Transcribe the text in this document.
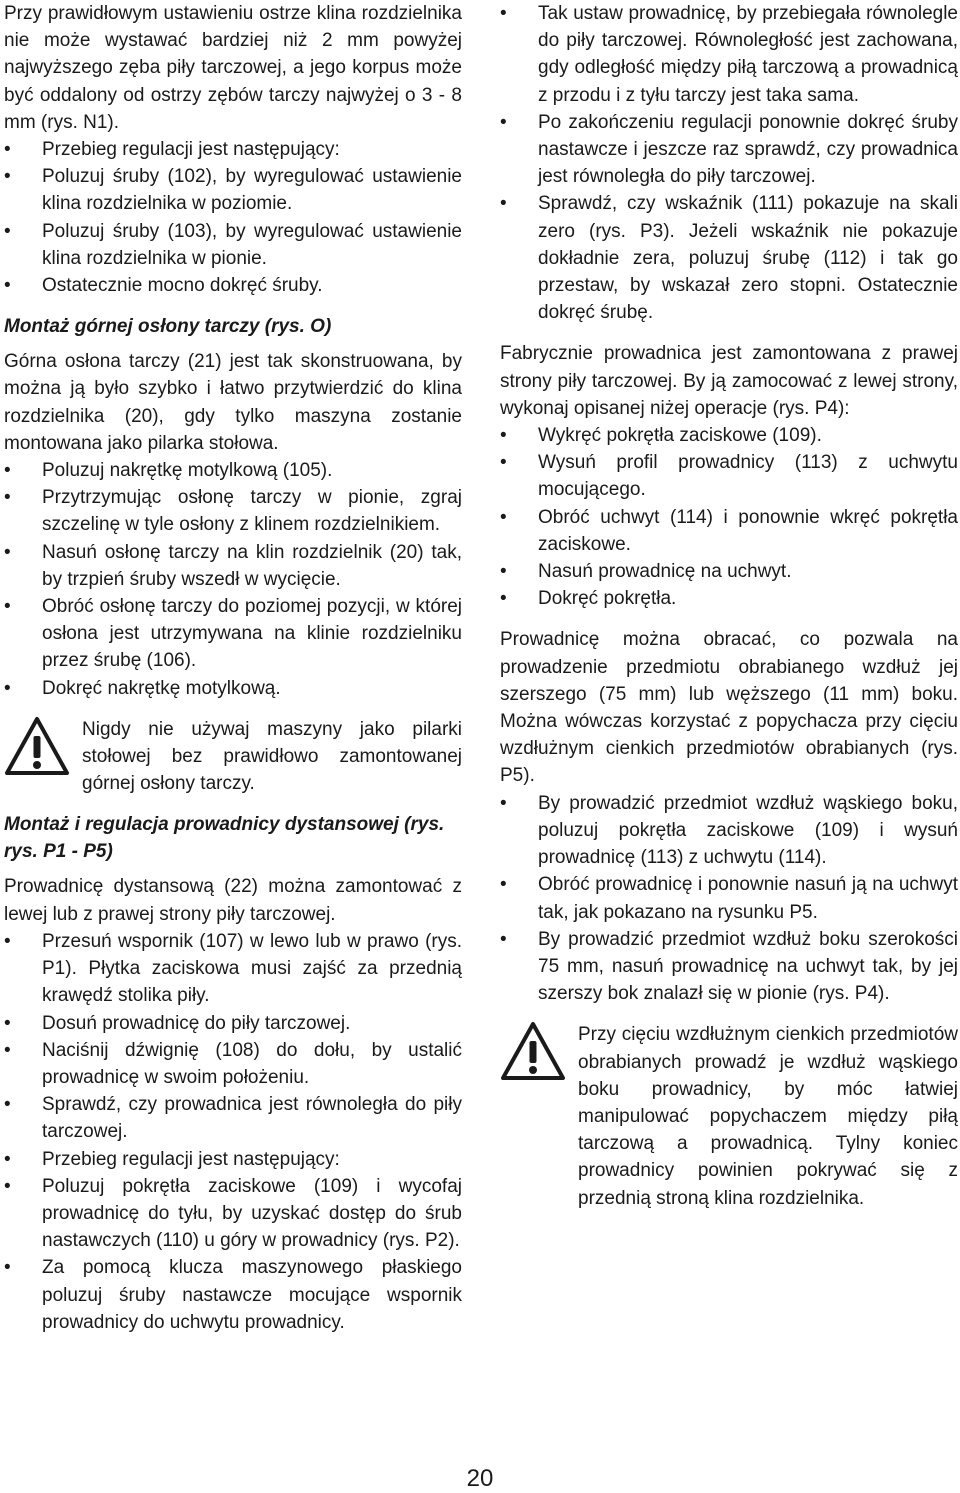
Przy prawidłowym ustawieniu ostrze klina rozdzielnika nie może wystawać bardziej niż 2 mm powyżej najwyższego zęba piły tarczowej, a jego korpus może być oddalony od ostrzy zębów tarczy najwyżej o 3 - 8 mm (rys. N1).

• Przebieg regulacji jest następujący:
• Poluzuj śruby (102), by wyregulować ustawienie klina rozdzielnika w poziomie.
• Poluzuj śruby (103), by wyregulować ustawienie klina rozdzielnika w pionie.
• Ostatecznie mocno dokręć śruby.
Montaż górnej osłony tarczy (rys. O)

Górna osłona tarczy (21) jest tak skonstruowana, by można ją było szybko i łatwo przytwierdzić do klina rozdzielnika (20), gdy tylko maszyna zostanie montowana jako pilarka stołowa.

• Poluzuj nakrętkę motylkową (105).
• Przytrzymując osłonę tarczy w pionie, zgraj szczelinę w tyle osłony z klinem rozdzielnikiem.
• Nasuń osłonę tarczy na klin rozdzielnik (20) tak, by trzpień śruby wszedł w wycięcie.
• Obróć osłonę tarczy do poziomej pozycji, w której osłona jest utrzymywana na klinie rozdzielniku przez śrubę (106).
• Dokręć nakrętkę motylkową.

Nigdy nie używaj maszyny jako pilarki stołowej bez prawidłowo zamontowanej górnej osłony tarczy.

Montaż i regulacja prowadnicy dystansowej (rys. rys. P1 - P5)

Prowadnicę dystansową (22) można zamontować z lewej lub z prawej strony piły tarczowej.

• Przesuń wspornik (107) w lewo lub w prawo (rys. P1). Płytka zaciskowa musi zajść za przednią krawędź stolika piły.
• Dosuń prowadnicę do piły tarczowej.
• Naciśnij dźwignię (108) do dołu, by ustalić prowadnicę w swoim położeniu.
• Sprawdź, czy prowadnica jest równoległa do piły tarczowej.
• Przebieg regulacji jest następujący:
• Poluzuj pokrętła zaciskowe (109) i wycofaj prowadnicę do tyłu, by uzyskać dostęp do śrub nastawczych (110) u góry w prowadnicy (rys. P2).
• Za pomocą klucza maszynowego płaskiego poluzuj śruby nastawcze mocujące wspornik prowadnicy do uchwytu prowadnicy.
• Tak ustaw prowadnicę, by przebiegała równolegle do piły tarczowej. Równoległość jest zachowana, gdy odległość między piłą tarczową a prowadnicą z przodu i z tyłu tarczy jest taka sama.
• Po zakończeniu regulacji ponownie dokręć śruby nastawcze i jeszcze raz sprawdź, czy prowadnica jest równoległa do piły tarczowej.
• Sprawdź, czy wskaźnik (111) pokazuje na skali zero (rys. P3). Jeżeli wskaźnik nie pokazuje dokładnie zera, poluzuj śrubę (112) i tak go przestaw, by wskazał zero stopni. Ostatecznie dokręć śrubę.

Fabrycznie prowadnica jest zamontowana z prawej strony piły tarczowej. By ją zamocować z lewej strony, wykonaj opisanej niżej operacje (rys. P4):

• Wykręć pokrętła zaciskowe (109).
• Wysuń profil prowadnicy (113) z uchwytu mocującego.
• Obróć uchwyt (114) i ponownie wkręć pokrętła zaciskowe.
• Nasuń prowadnicę na uchwyt.
• Dokręć pokrętła.

Prowadnicę można obracać, co pozwala na prowadzenie przedmiotu obrabianego wzdłuż jej szerszego (75 mm) lub węższego (11 mm) boku. Można wówczas korzystać z popychacza przy cięciu wzdłużnym cienkich przedmiotów obrabianych (rys. P5).

• By prowadzić przedmiot wzdłuż wąskiego boku, poluzuj pokrętła zaciskowe (109) i wysuń prowadnicę (113) z uchwytu (114).
• Obróć prowadnicę i ponownie nasuń ją na uchwyt tak, jak pokazano na rysunku P5.
• By prowadzić przedmiot wzdłuż boku szerokości 75 mm, nasuń prowadnicę na uchwyt tak, by jej szerszy bok znalazł się w pionie (rys. P4).

Przy cięciu wzdłużnym cienkich przedmiotów obrabianych prowadź je wzdłuż wąskiego boku prowadnicy, by móc łatwiej manipulować popychaczem między piłą tarczową a prowadnicą. Tylny koniec prowadnicy powinien pokrywać się z przednią stroną klina rozdzielnika.

20
